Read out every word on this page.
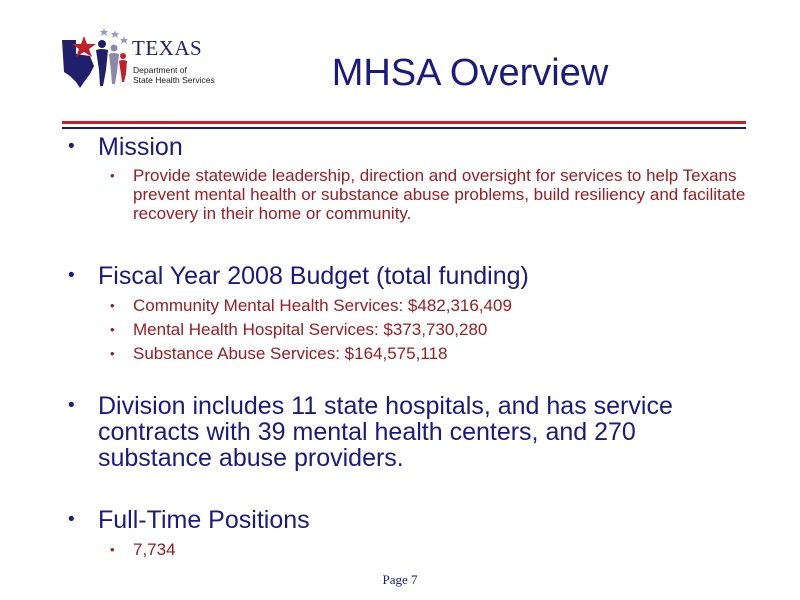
TEXAS
Department of
State Health Services	MHSA Overview
• Mission
• Provide statewide leadership, direction and oversight for services to help Texans prevent mental health or substance abuse problems, build resiliency and facilitate recovery in their home or community.
• Fiscal Year 2008 Budget (total funding)
• Community Mental Health Services: $482,316,409
• Mental Health Hospital Services: $373,730,280
• Substance Abuse Services: $164,575,118
• Division includes 11 state hospitals, and has service contracts with 39 mental health centers, and 270 substance abuse providers.
• Full-Time Positions
• 7,734
Page 7
